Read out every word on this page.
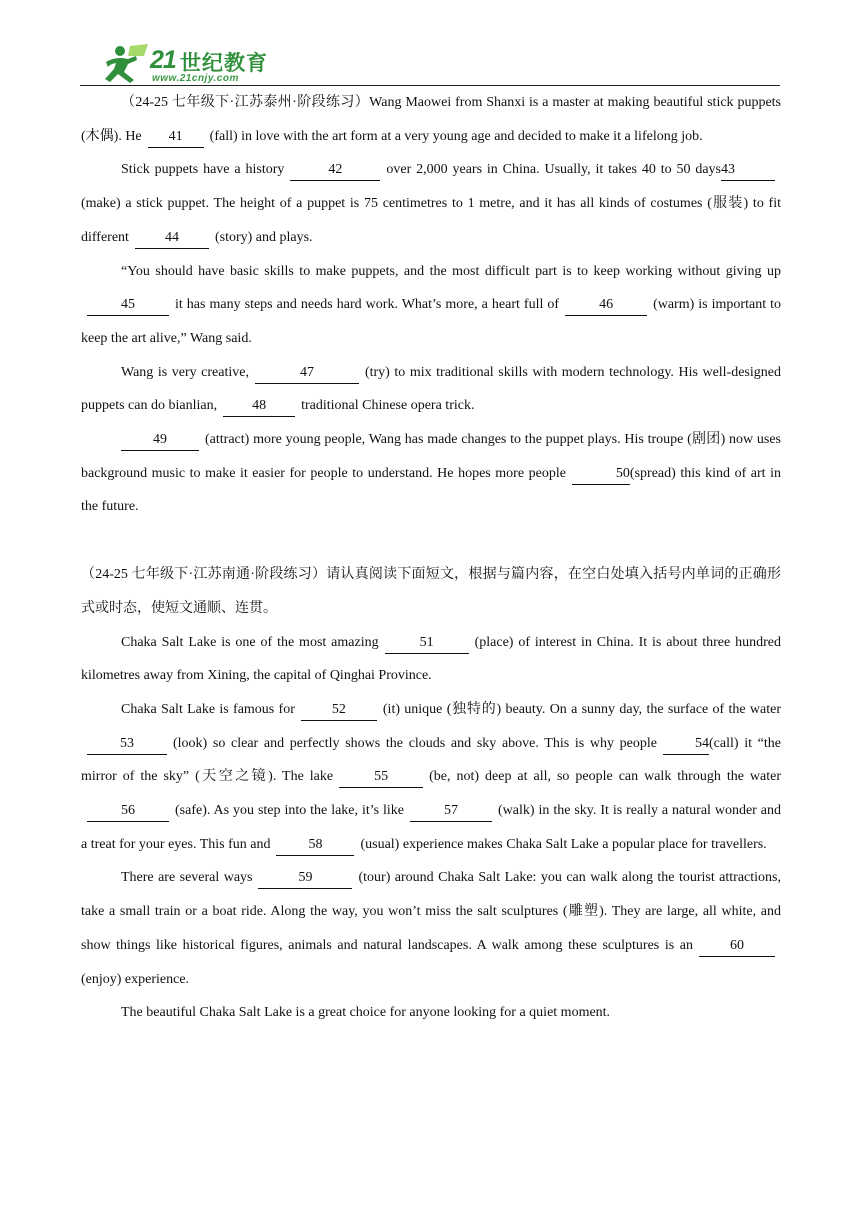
21 世纪教育
www.21cnjy.com

（24-25 七年级下·江苏泰州·阶段练习）Wang Maowei from Shanxi is a master at making beautiful stick puppets (木偶). He 41 (fall) in love with the art form at a very young age and decided to make it a lifelong job.

Stick puppets have a history	42	over 2,000 years in China. Usually, it takes 40 to 50 days43(make) a stick puppet. The height of a puppet is 75 centimetres to 1 metre, and it has all kinds of costumes (服装) to fit different	44	(story) and plays.

“You should have basic skills to make puppets, and the most difficult part is to keep working without giving up45	it has many steps and needs hard work. What’s more, a heart full of	46	(warm) is important to keep the art alive,” Wang said.

Wang is very creative,	47	(try) to mix traditional skills with modern technology. His well-designed puppets can do bianlian,	48	traditional Chinese opera trick.

49	(attract) more young people, Wang has made changes to the puppet plays. His troupe (剧团) now uses background music to make it easier for people to understand. He hopes more people	50(spread) this kind of art in the future.

（24-25 七年级下·江苏南通·阶段练习）请认真阅读下面短文，根据与篇内容，在空白处填入括号内单词的正确形式或时态，使短文通顺、连贯。

Chaka Salt Lake is one of the most amazing	51	(place) of interest in China. It is about three hundred kilometres away from Xining, the capital of Qinghai Province.

Chaka Salt Lake is famous for	52	(it) unique (独特的) beauty. On a sunny day, the surface of the water53	(look) so clear and perfectly shows the clouds and sky above. This is why people	54(call) it “the mirror of the sky” (天空之镜). The lake	55	(be, not) deep at all, so people can walk through the water56	(safe). As you step into the lake, it’s like	57	(walk) in the sky. It is really a natural wonder and a treat for your eyes. This fun and	58	(usual) experience makes Chaka Salt Lake a popular place for travellers.

There are several ways	59	(tour) around Chaka Salt Lake: you can walk along the tourist attractions, take a small train or a boat ride. Along the way, you won’t miss the salt sculptures (雕塑). They are large, all white, and show things like historical figures, animals and natural landscapes. A walk among these sculptures is an	60(enjoy) experience.

The beautiful Chaka Salt Lake is a great choice for anyone looking for a quiet moment.
